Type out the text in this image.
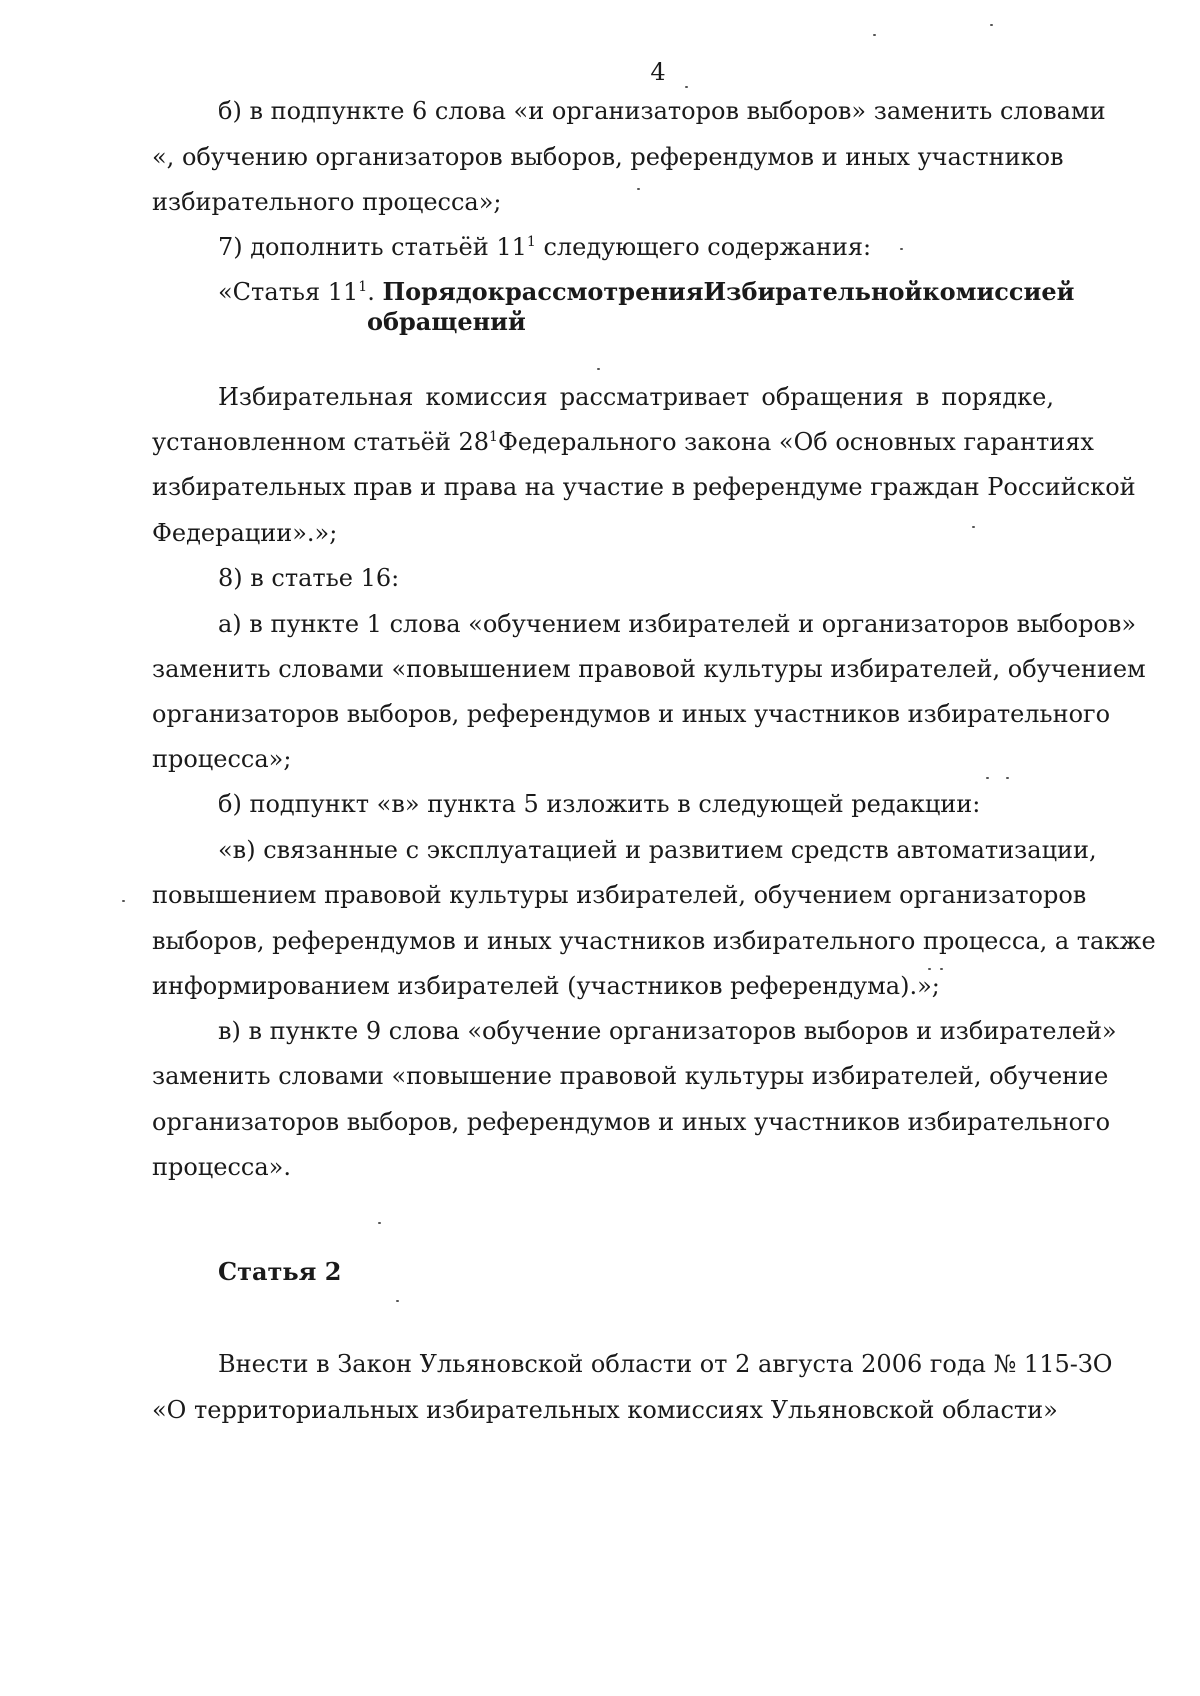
4
б) в подпункте 6 слова «и организаторов выборов» заменить словами
«, обучению организаторов выборов, референдумов и иных участников
избирательного процесса»;
7) дополнить статьёй $11^1$ следующего содержания:
«Статья $11^1$. Порядок рассмотрения Избирательной комиссией
обращений
Избирательная комиссия рассматривает обращения в порядке,
установленном статьёй $28^1$ Федерального закона «Об основных гарантиях
избирательных прав и права на участие в референдуме граждан Российской
Федерации».»;
8) в статье 16:
а) в пункте 1 слова «обучением избирателей и организаторов выборов»
заменить словами «повышением правовой культуры избирателей, обучением
организаторов выборов, референдумов и иных участников избирательного
процесса»;
б) подпункт «в» пункта 5 изложить в следующей редакции:
«в) связанные с эксплуатацией и развитием средств автоматизации,
повышением правовой культуры избирателей, обучением организаторов
выборов, референдумов и иных участников избирательного процесса, а также
информированием избирателей (участников референдума).»;
в) в пункте 9 слова «обучение организаторов выборов и избирателей»
заменить словами «повышение правовой культуры избирателей, обучение
организаторов выборов, референдумов и иных участников избирательного
процесса».
Статья 2
Внести в Закон Ульяновской области от 2 августа 2006 года № 115-ЗО
«О территориальных избирательных комиссиях Ульяновской области»
